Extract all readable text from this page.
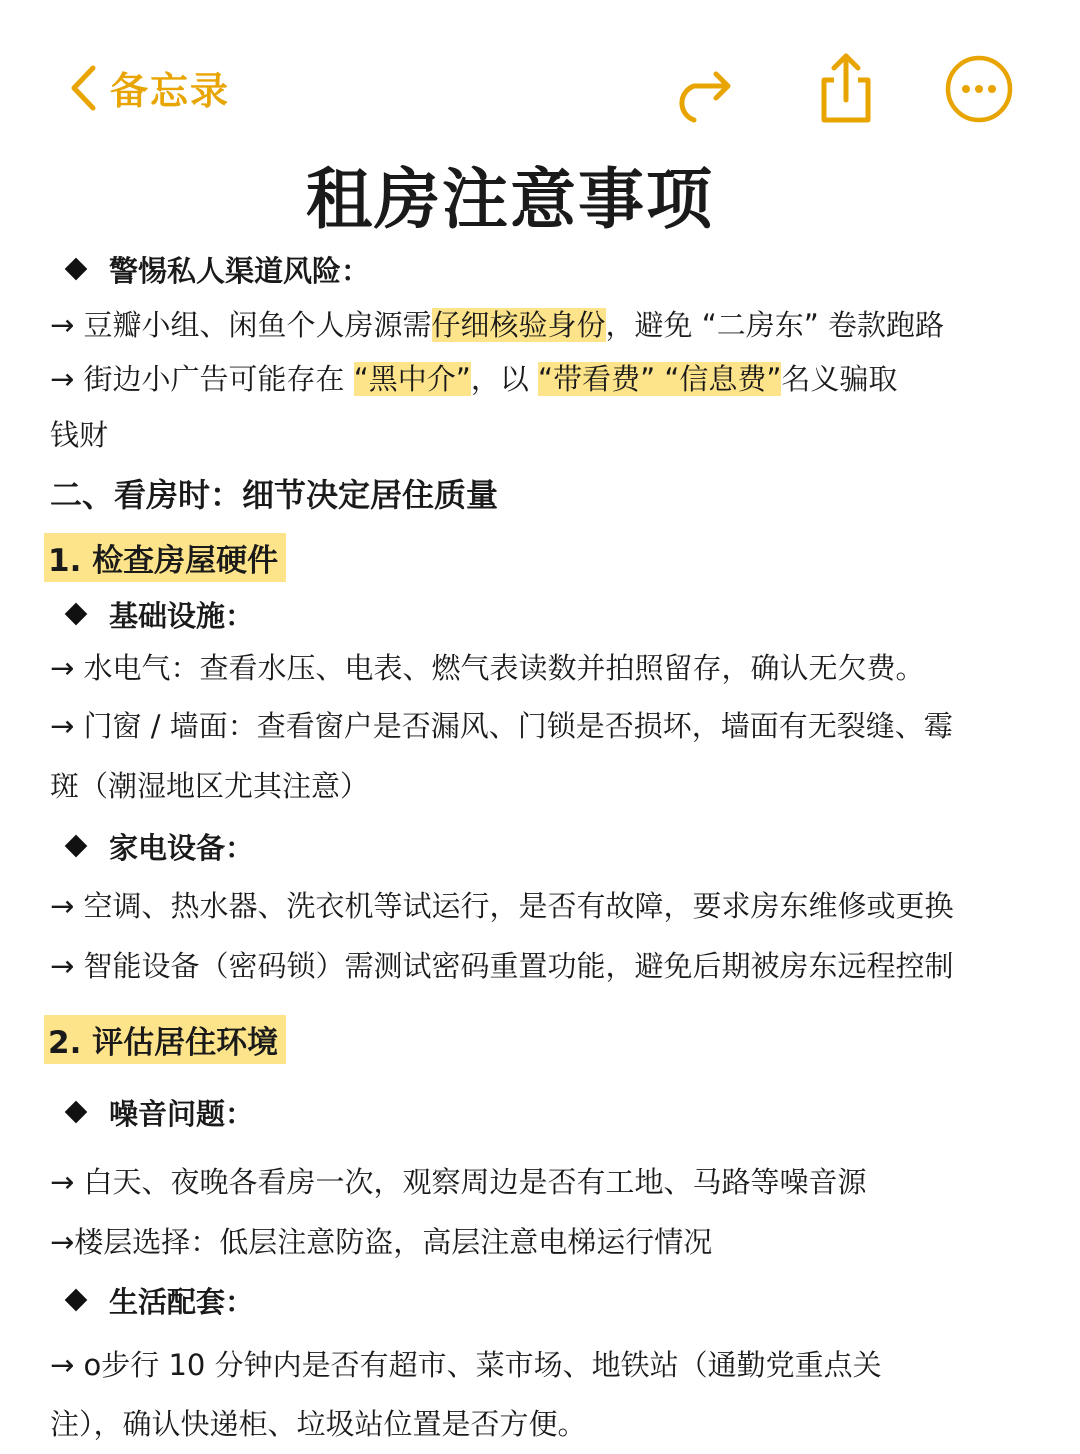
备忘录
租房注意事项
警惕私人渠道风险：
→ 豆瓣小组、闲鱼个人房源需仔细核验身份，避免 “二房东” 卷款跑路
→ 街边小广告可能存在 “黑中介”，以 “带看费” “信息费”名义骗取
钱财
二、看房时：细节决定居住质量
1. 检查房屋硬件
基础设施：
→ 水电气：查看水压、电表、燃气表读数并拍照留存，确认无欠费。
→ 门窗 / 墙面：查看窗户是否漏风、门锁是否损坏，墙面有无裂缝、霉
斑（潮湿地区尤其注意）
家电设备：
→ 空调、热水器、洗衣机等试运行，是否有故障，要求房东维修或更换
→ 智能设备（密码锁）需测试密码重置功能，避免后期被房东远程控制
2. 评估居住环境
噪音问题：
→ 白天、夜晚各看房一次，观察周边是否有工地、马路等噪音源
→楼层选择：低层注意防盗，高层注意电梯运行情况
生活配套：
→ o步行 10 分钟内是否有超市、菜市场、地铁站（通勤党重点关
注），确认快递柜、垃圾站位置是否方便。
